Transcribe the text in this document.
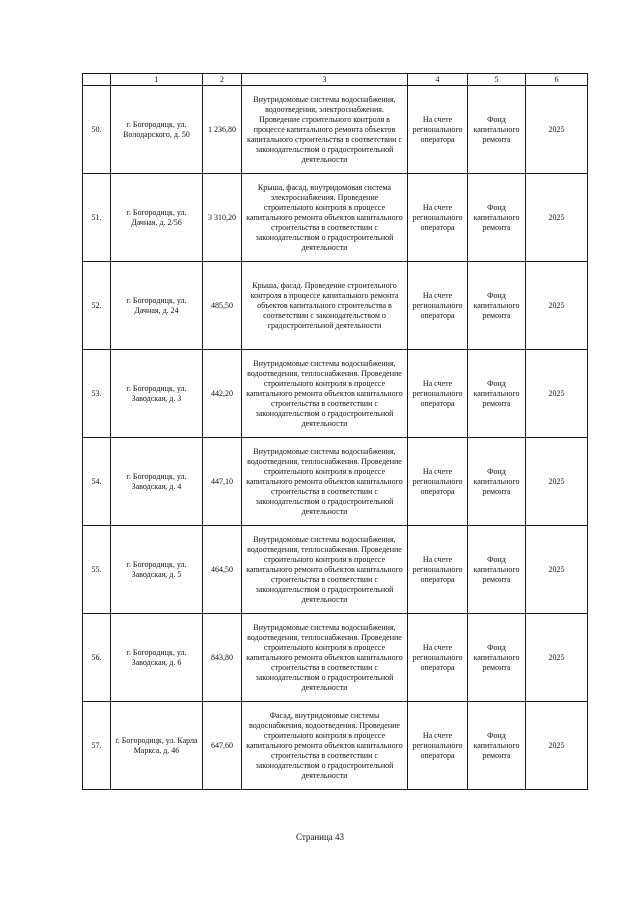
	1	2	3	4	5	6
50.	г. Богородицк, ул. Володарского, д. 50	1 236,80	Внутридомовые системы водоснабжения, водоотведения, электроснабжения. Проведение строительного контроля в процессе капитального ремонта объектов капитального строительства в соответствии с законодательством о градостроительной деятельности	На счете регионального оператора	Фонд капитального ремонта	2025
51.	г. Богородицк, ул. Дачная, д. 2/56	3 310,20	Крыша, фасад, внутридомовая система электроснабжения. Проведение строительного контроля в процессе капитального ремонта объектов капитального строительства в соответствии с законодательством о градостроительной деятельности	На счете регионального оператора	Фонд капитального ремонта	2025
52.	г. Богородицк, ул. Дачная, д. 24	485,50	Крыша, фасад. Проведение строительного контроля в процессе капитального ремонта объектов капитального строительства в соответствии с законодательством о градостроительной деятельности	На счете регионального оператора	Фонд капитального ремонта	2025
53.	г. Богородицк, ул. Заводская, д. 3	442,20	Внутридомовые системы водоснабжения, водоотведения, теплоснабжения. Проведение строительного контроля в процессе капитального ремонта объектов капитального строительства в соответствии с законодательством о градостроительной деятельности	На счете регионального оператора	Фонд капитального ремонта	2025
54.	г. Богородицк, ул. Заводская, д. 4	447,10	Внутридомовые системы водоснабжения, водоотведения, теплоснабжения. Проведение строительного контроля в процессе капитального ремонта объектов капитального строительства в соответствии с законодательством о градостроительной деятельности	На счете регионального оператора	Фонд капитального ремонта	2025
55.	г. Богородицк, ул. Заводская, д. 5	464,50	Внутридомовые системы водоснабжения, водоотведения, теплоснабжения. Проведение строительного контроля в процессе капитального ремонта объектов капитального строительства в соответствии с законодательством о градостроительной деятельности	На счете регионального оператора	Фонд капитального ремонта	2025
56.	г. Богородицк, ул. Заводская, д. 6	843,80	Внутридомовые системы водоснабжения, водоотведения, теплоснабжения. Проведение строительного контроля в процессе капитального ремонта объектов капитального строительства в соответствии с законодательством о градостроительной деятельности	На счете регионального оператора	Фонд капитального ремонта	2025
57.	г. Богородицк, ул. Карла Маркса, д. 46	647,60	Фасад, внутридомовые системы водоснабжения, водоотведения. Проведение строительного контроля в процессе капитального ремонта объектов капитального строительства в соответствии с законодательством о градостроительной деятельности	На счете регионального оператора	Фонд капитального ремонта	2025
Страница 43
